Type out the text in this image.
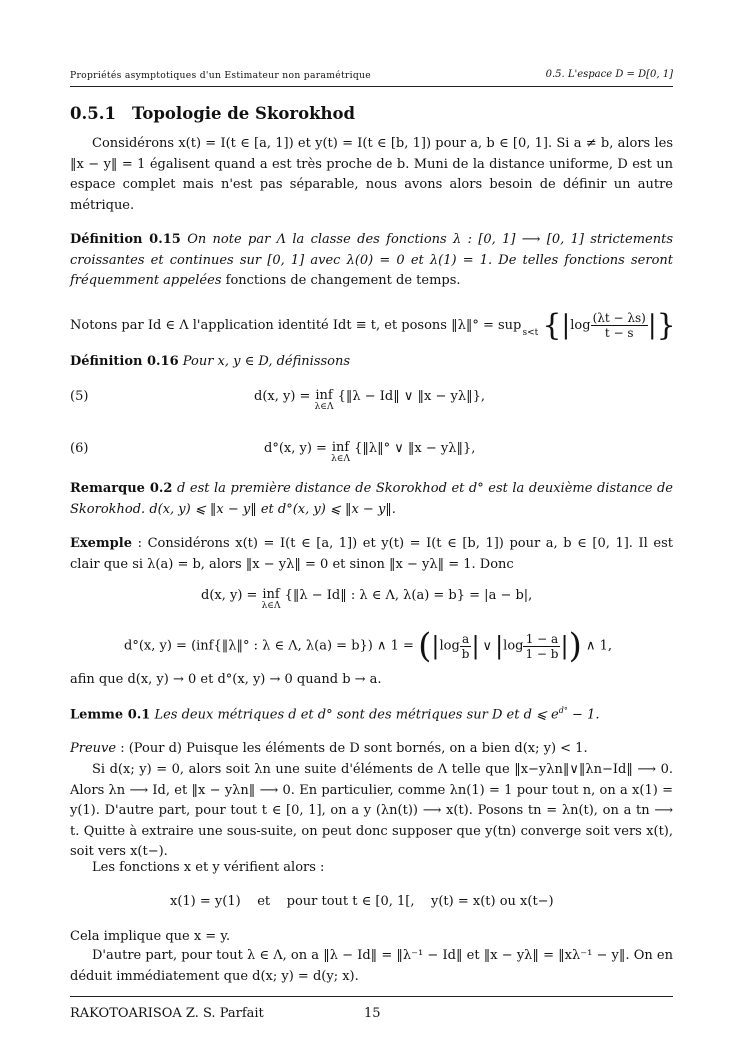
Propriétés asymptotiques d'un Estimateur non paramétrique	0.5. L'espace D = D[0, 1]
0.5.1 Topologie de Skorokhod
Considérons x(t) = I(t ∈ [a, 1]) et y(t) = I(t ∈ [b, 1]) pour a, b ∈ [0, 1]. Si a ≠ b, alors les ‖x − y‖ = 1 égalisent quand a est très proche de b. Muni de la distance uniforme, D est un espace complet mais n'est pas séparable, nous avons alors besoin de définir un autre métrique.
Définition 0.15 On note par Λ la classe des fonctions λ : [0, 1] ⟶ [0, 1] strictements croissantes et continues sur [0, 1] avec λ(0) = 0 et λ(1) = 1. De telles fonctions seront fréquemment appelées fonctions de changement de temps.
Notons par Id ∈ Λ l'application identité Idt ≡ t, et posons ‖λ‖° = sup s<t {$|\log \frac{(\lambda t - \lambda s)}{t - s}$ |}
Définition 0.16 Pour x, y ∈ D, définissons
(5)	d(x, y) = inf
λ∈Λ
{‖λ − Id‖ ∨ ‖x − yλ‖},
(6)	d°(x, y) = inf
λ∈Λ
{‖λ‖° ∨ ‖x − yλ‖},
Remarque 0.2 d est la première distance de Skorokhod et d° est la deuxième distance de Skorokhod. d(x, y) ⩽ ‖x − y‖ et d°(x, y) ⩽ ‖x − y‖.
Exemple : Considérons x(t) = I(t ∈ [a, 1]) et y(t) = I(t ∈ [b, 1]) pour a, b ∈ [0, 1]. Il est clair que si λ(a) = b, alors ‖x − yλ‖ = 0 et sinon ‖x − yλ‖ = 1. Donc
d(x, y) = inf
λ∈Λ
{‖λ − Id‖ : λ ∈ Λ, λ(a) = b} = |a − b|,
d°(x, y) = (inf{‖λ‖° : λ ∈ Λ, λ(a) = b}) ∧ $1 = (|\log \frac{a}{b}$ | ∨ $|\log \frac{1 - a}{1 - b}$ |) ∧ 1,
afin que d(x, y) → 0 et d°(x, y) → 0 quand b → a.
Lemme 0.1 Les deux métriques d et d° sont des métriques sur D et d ⩽ $e^{d^\circ} - 1$.
Preuve : (Pour d) Puisque les éléments de D sont bornés, on a bien d(x; y) < 1.
Si d(x; y) = 0, alors soit λn une suite d'éléments de Λ telle que ‖x−yλn‖∨‖λn−Id‖ ⟶ 0. Alors λn ⟶ Id, et ‖x − yλn‖ ⟶ 0. En particulier, comme λn(1) = 1 pour tout n, on a x(1) = y(1). D'autre part, pour tout t ∈ [0, 1], on a y (λn(t)) ⟶ x(t). Posons tn = λn(t), on a tn ⟶ t. Quitte à extraire une sous-suite, on peut donc supposer que y(tn) converge soit vers x(t), soit vers x(t−).
Les fonctions x et y vérifient alors :
x(1) = y(1)    et    pour tout t ∈ [0, 1[,    y(t) = x(t) ou x(t−)
Cela implique que x = y.
D'autre part, pour tout λ ∈ Λ, on a ‖λ − Id‖ = ‖λ⁻¹ − Id‖ et ‖x − yλ‖ = ‖xλ⁻¹ − y‖. On en déduit immédiatement que d(x; y) = d(y; x).
RAKOTOARISOA Z. S. Parfait	15
